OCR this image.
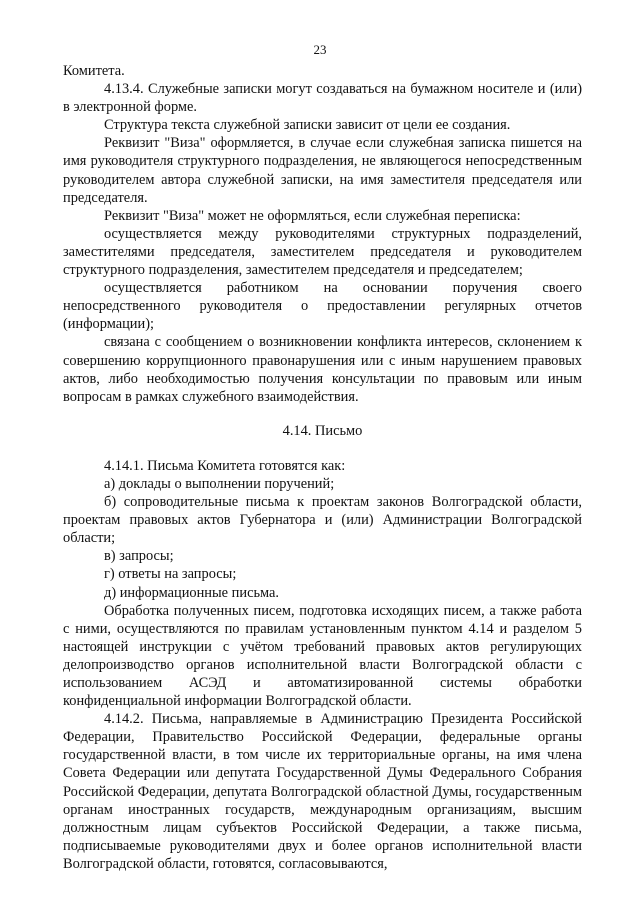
23

Комитета.

4.13.4. Служебные записки могут создаваться на бумажном носителе и (или) в электронной форме.

Структура текста служебной записки зависит от цели ее создания.

Реквизит "Виза" оформляется, в случае если служебная записка пишется на имя руководителя структурного подразделения, не являющегося непосредственным руководителем автора служебной записки, на имя заместителя председателя или председателя.

Реквизит "Виза" может не оформляться, если служебная переписка:

осуществляется между руководителями структурных подразделений, заместителями председателя, заместителем председателя и руководителем структурного подразделения, заместителем председателя и председателем;

осуществляется работником на основании поручения своего непосредственного руководителя о предоставлении регулярных отчетов (информации);

связана с сообщением о возникновении конфликта интересов, склонением к совершению коррупционного правонарушения или с иным нарушением правовых актов, либо необходимостью получения консультации по правовым или иным вопросам в рамках служебного взаимодействия.

4.14. Письмо

4.14.1. Письма Комитета готовятся как:

а) доклады о выполнении поручений;

б) сопроводительные письма к проектам законов Волгоградской области, проектам правовых актов Губернатора и (или) Администрации Волгоградской области;

в) запросы;

г) ответы на запросы;

д) информационные письма.

Обработка полученных писем, подготовка исходящих писем, а также работа с ними, осуществляются по правилам установленным пунктом 4.14 и разделом 5 настоящей инструкции с учётом требований правовых актов регулирующих делопроизводство органов исполнительной власти Волгоградской области с использованием АСЭД и автоматизированной системы обработки конфиденциальной информации Волгоградской области.

4.14.2. Письма, направляемые в Администрацию Президента Российской Федерации, Правительство Российской Федерации, федеральные органы государственной власти, в том числе их территориальные органы, на имя члена Совета Федерации или депутата Государственной Думы Федерального Собрания Российской Федерации, депутата Волгоградской областной Думы, государственным органам иностранных государств, международным организациям, высшим должностным лицам субъектов Российской Федерации, а также письма, подписываемые руководителями двух и более органов исполнительной власти Волгоградской области, готовятся, согласовываются,
